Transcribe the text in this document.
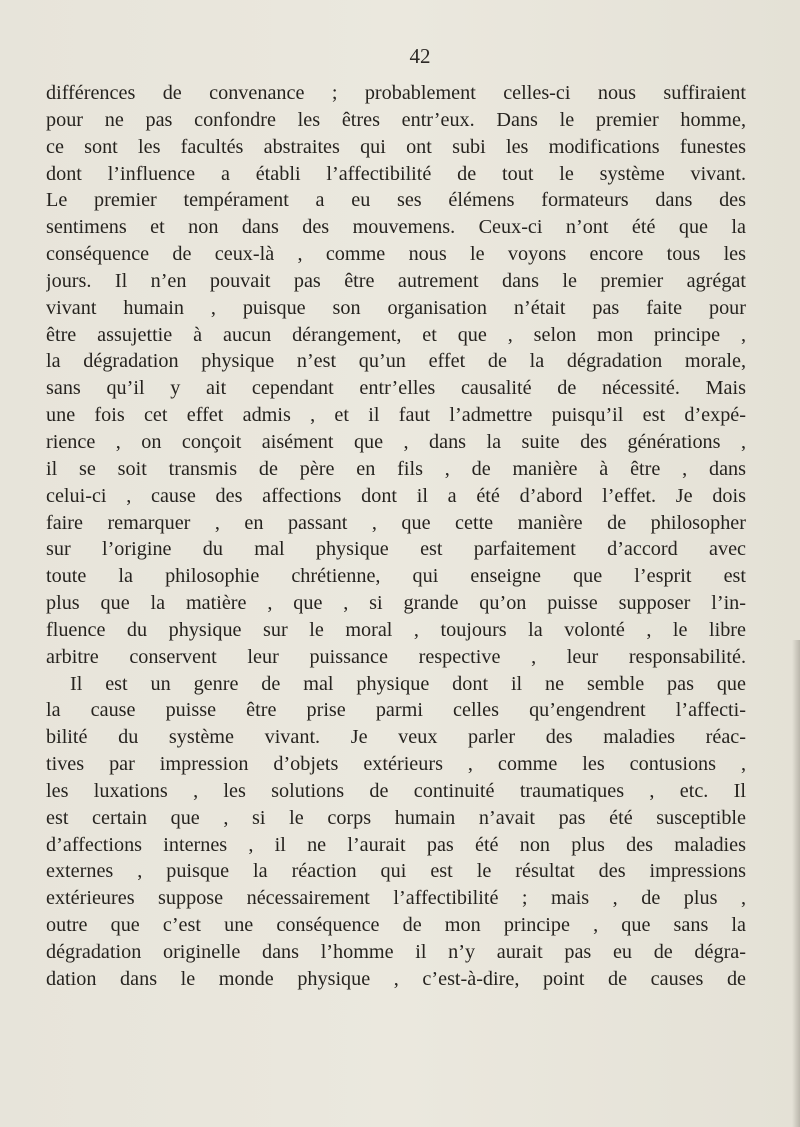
42
différences de convenance ; probablement celles-ci nous suffiraient
pour ne pas confondre les êtres entr’eux. Dans le premier homme,
ce sont les facultés abstraites qui ont subi les modifications funestes
dont l’influence a établi l’affectibilité de tout le système vivant.
Le premier tempérament a eu ses élémens formateurs dans des
sentimens et non dans des mouvemens. Ceux-ci n’ont été que la
conséquence de ceux-là , comme nous le voyons encore tous les
jours. Il n’en pouvait pas être autrement dans le premier agrégat
vivant humain , puisque son organisation n’était pas faite pour
être assujettie à aucun dérangement, et que , selon mon principe ,
la dégradation physique n’est qu’un effet de la dégradation morale,
sans qu’il y ait cependant entr’elles causalité de nécessité. Mais
une fois cet effet admis , et il faut l’admettre puisqu’il est d’expé-
rience , on conçoit aisément que , dans la suite des générations ,
il se soit transmis de père en fils , de manière à être , dans
celui-ci , cause des affections dont il a été d’abord l’effet. Je dois
faire remarquer , en passant , que cette manière de philosopher
sur l’origine du mal physique est parfaitement d’accord avec
toute la philosophie chrétienne, qui enseigne que l’esprit est
plus que la matière , que , si grande qu’on puisse supposer l’in-
fluence du physique sur le moral , toujours la volonté , le libre
arbitre conservent leur puissance respective , leur responsabilité.
Il est un genre de mal physique dont il ne semble pas que
la cause puisse être prise parmi celles qu’engendrent l’affecti-
bilité du système vivant. Je veux parler des maladies réac-
tives par impression d’objets extérieurs , comme les contusions ,
les luxations , les solutions de continuité traumatiques , etc. Il
est certain que , si le corps humain n’avait pas été susceptible
d’affections internes , il ne l’aurait pas été non plus des maladies
externes , puisque la réaction qui est le résultat des impressions
extérieures suppose nécessairement l’affectibilité ; mais , de plus ,
outre que c’est une conséquence de mon principe , que sans la
dégradation originelle dans l’homme il n’y aurait pas eu de dégra-
dation dans le monde physique , c’est-à-dire, point de causes de
